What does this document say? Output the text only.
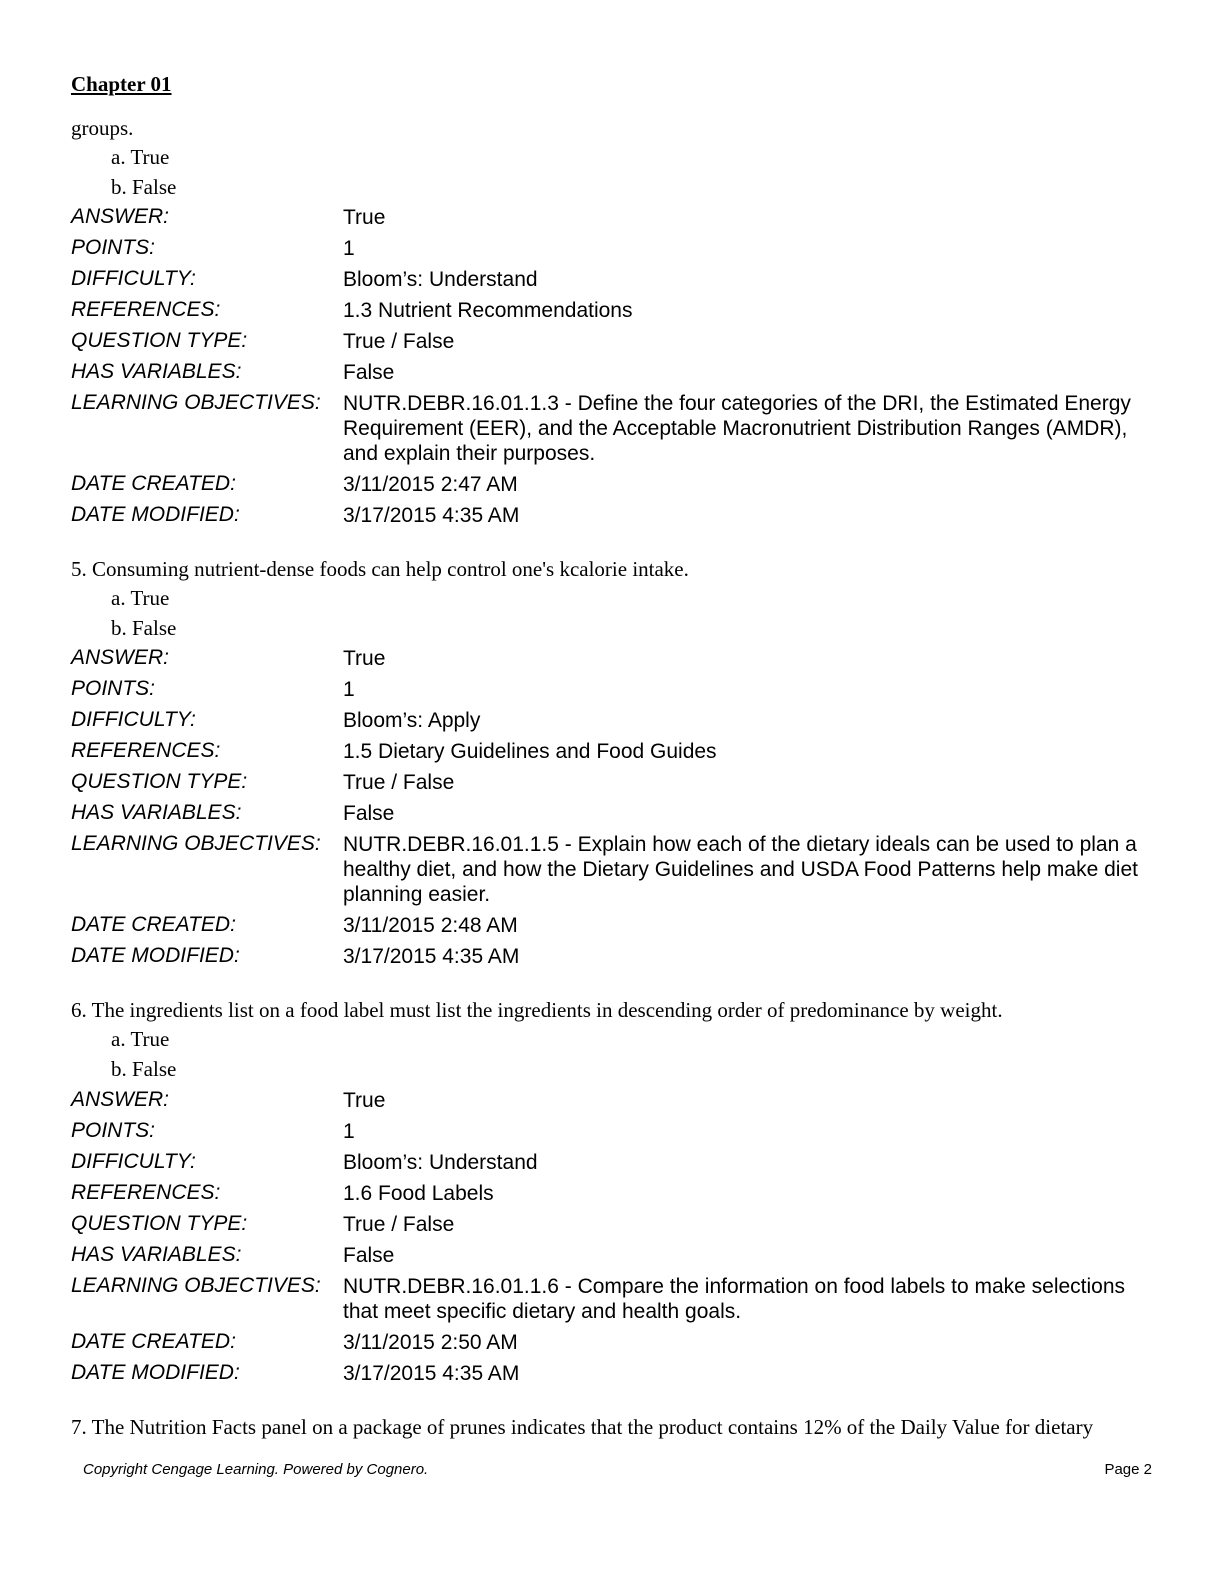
Chapter 01
groups.
a. True
b. False
ANSWER:	True
POINTS:	1
DIFFICULTY:	Bloom’s: Understand
REFERENCES:	1.3 Nutrient Recommendations
QUESTION TYPE:	True / False
HAS VARIABLES:	False
LEARNING OBJECTIVES: NUTR.DEBR.16.01.1.3 - Define the four categories of the DRI, the Estimated Energy Requirement (EER), and the Acceptable Macronutrient Distribution Ranges (AMDR), and explain their purposes.
DATE CREATED:	3/11/2015 2:47 AM
DATE MODIFIED:	3/17/2015 4:35 AM
5. Consuming nutrient-dense foods can help control one's kcalorie intake.
a. True
b. False
ANSWER:	True
POINTS:	1
DIFFICULTY:	Bloom’s: Apply
REFERENCES:	1.5 Dietary Guidelines and Food Guides
QUESTION TYPE:	True / False
HAS VARIABLES:	False
LEARNING OBJECTIVES: NUTR.DEBR.16.01.1.5 - Explain how each of the dietary ideals can be used to plan a healthy diet, and how the Dietary Guidelines and USDA Food Patterns help make diet planning easier.
DATE CREATED:	3/11/2015 2:48 AM
DATE MODIFIED:	3/17/2015 4:35 AM
6. The ingredients list on a food label must list the ingredients in descending order of predominance by weight.
a. True
b. False
ANSWER:	True
POINTS:	1
DIFFICULTY:	Bloom’s: Understand
REFERENCES:	1.6 Food Labels
QUESTION TYPE:	True / False
HAS VARIABLES:	False
LEARNING OBJECTIVES: NUTR.DEBR.16.01.1.6 - Compare the information on food labels to make selections that meet specific dietary and health goals.
DATE CREATED:	3/11/2015 2:50 AM
DATE MODIFIED:	3/17/2015 4:35 AM
7. The Nutrition Facts panel on a package of prunes indicates that the product contains 12% of the Daily Value for dietary
Copyright Cengage Learning. Powered by Cognero.	Page 2
